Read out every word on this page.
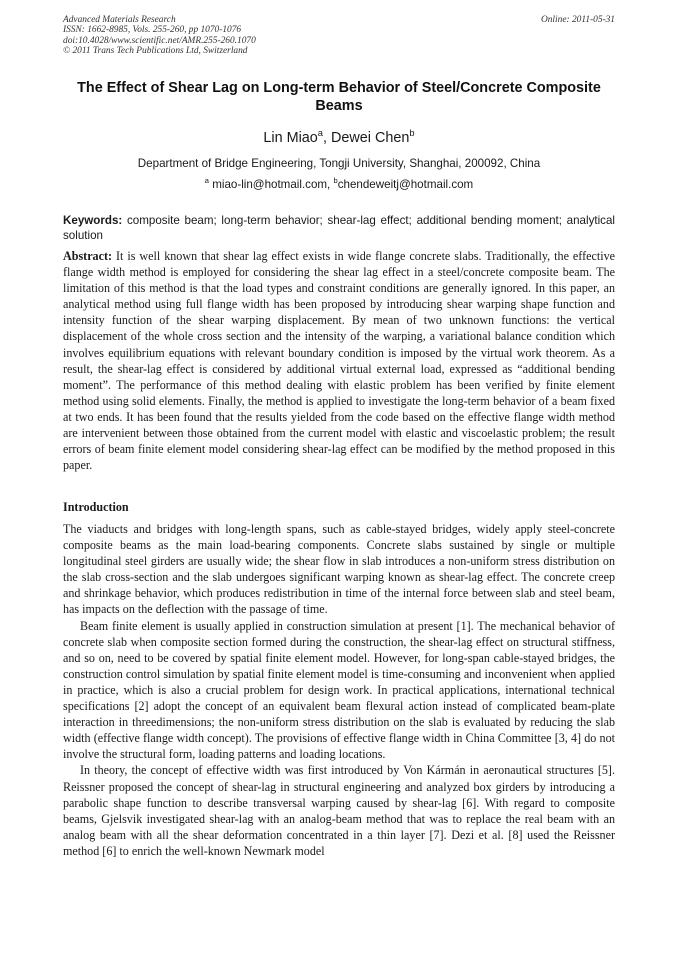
Advanced Materials Research
ISSN: 1662-8985, Vols. 255-260, pp 1070-1076
doi:10.4028/www.scientific.net/AMR.255-260.1070
© 2011 Trans Tech Publications Ltd, Switzerland
Online: 2011-05-31
The Effect of Shear Lag on Long-term Behavior of Steel/Concrete Composite Beams
Lin Miao$^a$, Dewei Chen$^b$
Department of Bridge Engineering, Tongji University, Shanghai, 200092, China
$^a$ miao-lin@hotmail.com, $^b$chendeweitj@hotmail.com
Keywords: composite beam; long-term behavior; shear-lag effect; additional bending moment; analytical solution
Abstract: It is well known that shear lag effect exists in wide flange concrete slabs. Traditionally, the effective flange width method is employed for considering the shear lag effect in a steel/concrete composite beam. The limitation of this method is that the load types and constraint conditions are generally ignored. In this paper, an analytical method using full flange width has been proposed by introducing shear warping shape function and intensity function of the shear warping displacement. By mean of two unknown functions: the vertical displacement of the whole cross section and the intensity of the warping, a variational balance condition which involves equilibrium equations with relevant boundary condition is imposed by the virtual work theorem. As a result, the shear-lag effect is considered by additional virtual external load, expressed as “additional bending moment”. The performance of this method dealing with elastic problem has been verified by finite element method using solid elements. Finally, the method is applied to investigate the long-term behavior of a beam fixed at two ends. It has been found that the results yielded from the code based on the effective flange width method are intervenient between those obtained from the current model with elastic and viscoelastic problem; the result errors of beam finite element model considering shear-lag effect can be modified by the method proposed in this paper.
Introduction

The viaducts and bridges with long-length spans, such as cable-stayed bridges, widely apply steel-concrete composite beams as the main load-bearing components. Concrete slabs sustained by single or multiple longitudinal steel girders are usually wide; the shear flow in slab introduces a non-uniform stress distribution on the slab cross-section and the slab undergoes significant warping known as shear-lag effect. The concrete creep and shrinkage behavior, which produces redistribution in time of the internal force between slab and steel beam, has impacts on the deflection with the passage of time.

Beam finite element is usually applied in construction simulation at present [1]. The mechanical behavior of concrete slab when composite section formed during the construction, the shear-lag effect on structural stiffness, and so on, need to be covered by spatial finite element model. However, for long-span cable-stayed bridges, the construction control simulation by spatial finite element model is time-consuming and inconvenient when applied in practice, which is also a crucial problem for design work. In practical applications, international technical specifications [2] adopt the concept of an equivalent beam flexural action instead of complicated beam-plate interaction in threedimensions; the non-uniform stress distribution on the slab is evaluated by reducing the slab width (effective flange width concept). The provisions of effective flange width in China Committee [3, 4] do not involve the structural form, loading patterns and loading locations.

In theory, the concept of effective width was first introduced by Von Kármán in aeronautical structures [5]. Reissner proposed the concept of shear-lag in structural engineering and analyzed box girders by introducing a parabolic shape function to describe transversal warping caused by shear-lag [6]. With regard to composite beams, Gjelsvik investigated shear-lag with an analog-beam method that was to replace the real beam with an analog beam with all the shear deformation concentrated in a thin layer [7]. Dezi et al. [8] used the Reissner method [6] to enrich the well-known Newmark model
